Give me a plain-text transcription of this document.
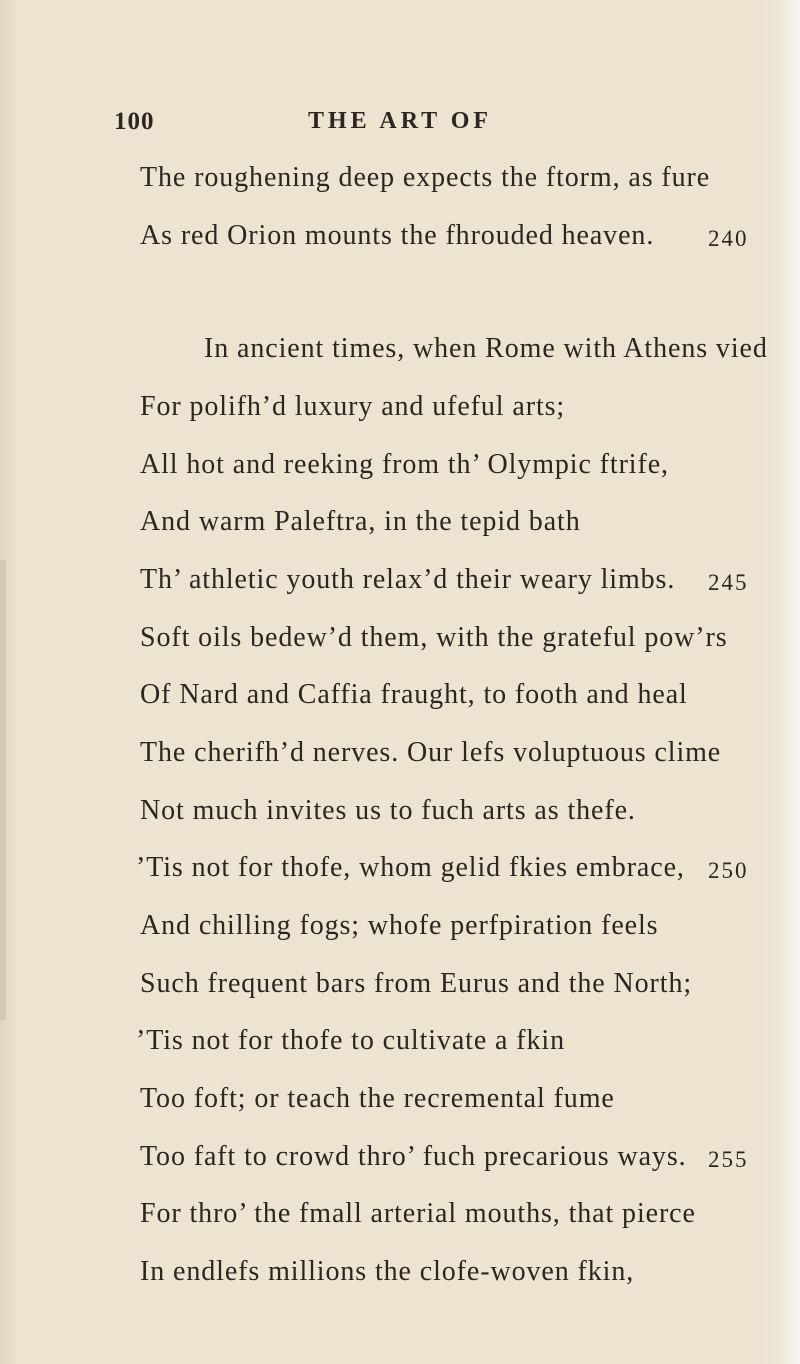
100	THE ART OF
The roughening deep expects the ftorm, as fure
As red Orion mounts the fhrouded heaven.
In ancient times, when Rome with Athens vied
For polifh’d luxury and ufeful arts;
All hot and reeking from th’ Olympic ftrife,
And warm Paleftra, in the tepid bath
Th’ athletic youth relax’d their weary limbs.
Soft oils bedew’d them, with the grateful pow’rs
Of Nard and Caffia fraught, to footh and heal
The cherifh’d nerves. Our lefs voluptuous clime
Not much invites us to fuch arts as thefe.
’Tis not for thofe, whom gelid fkies embrace,
And chilling fogs; whofe perfpiration feels
Such frequent bars from Eurus and the North;
’Tis not for thofe to cultivate a fkin
Too foft; or teach the recremental fume
Too faft to crowd thro’ fuch precarious ways.
For thro’ the fmall arterial mouths, that pierce
In endlefs millions the clofe-woven fkin,
240
245
250
255
